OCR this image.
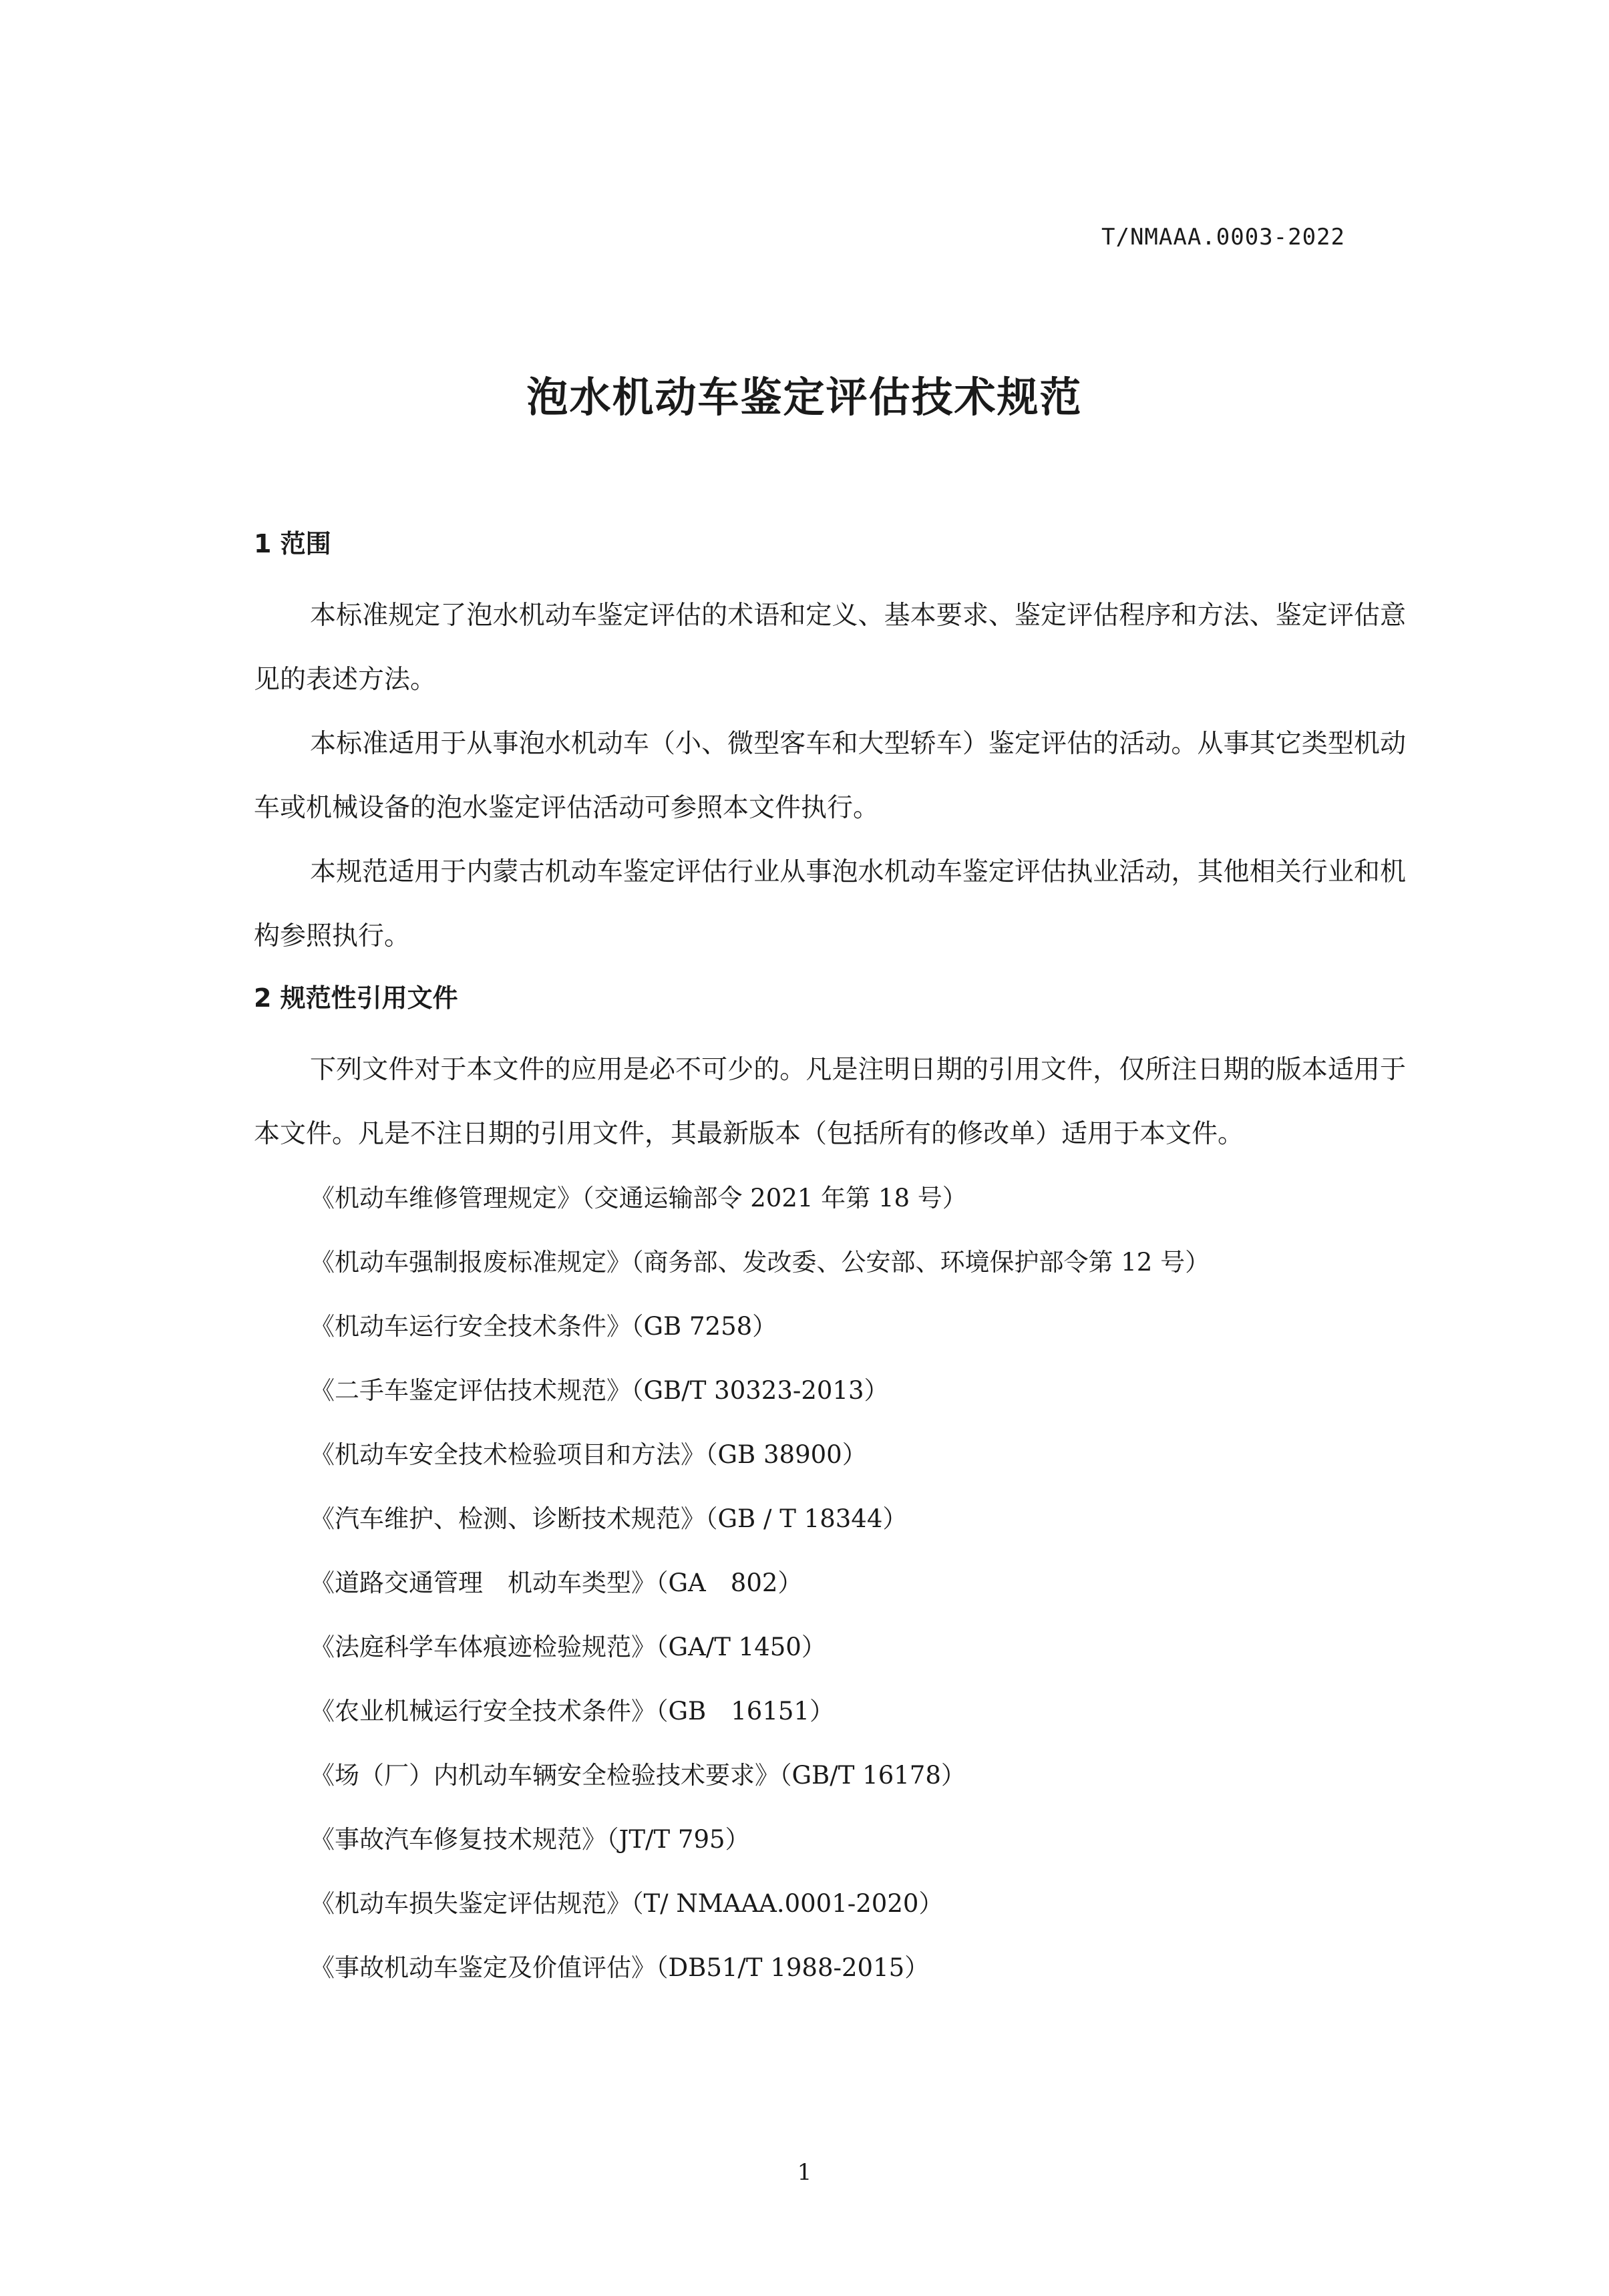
T/NMAAA.0003-2022
泡水机动车鉴定评估技术规范
1 范围

本标准规定了泡水机动车鉴定评估的术语和定义、基本要求、鉴定评估程序和方法、鉴定评估意见的表述方法。

本标准适用于从事泡水机动车（小、微型客车和大型轿车）鉴定评估的活动。从事其它类型机动车或机械设备的泡水鉴定评估活动可参照本文件执行。

本规范适用于内蒙古机动车鉴定评估行业从事泡水机动车鉴定评估执业活动，其他相关行业和机构参照执行。

2 规范性引用文件

下列文件对于本文件的应用是必不可少的。凡是注明日期的引用文件，仅所注日期的版本适用于本文件。凡是不注日期的引用文件，其最新版本（包括所有的修改单）适用于本文件。

《机动车维修管理规定》（交通运输部令 2021 年第 18 号）
《机动车强制报废标准规定》（商务部、发改委、公安部、环境保护部令第 12 号）
《机动车运行安全技术条件》（GB 7258）
《二手车鉴定评估技术规范》（GB/T 30323-2013）
《机动车安全技术检验项目和方法》（GB 38900）
《汽车维护、检测、诊断技术规范》（GB / T 18344）
《道路交通管理　机动车类型》（GA　802）
《法庭科学车体痕迹检验规范》（GA/T 1450）
《农业机械运行安全技术条件》（GB　16151）
《场（厂）内机动车辆安全检验技术要求》（GB/T 16178）
《事故汽车修复技术规范》（JT/T 795）
《机动车损失鉴定评估规范》（T/ NMAAA.0001-2020）
《事故机动车鉴定及价值评估》（DB51/T 1988-2015）
1
